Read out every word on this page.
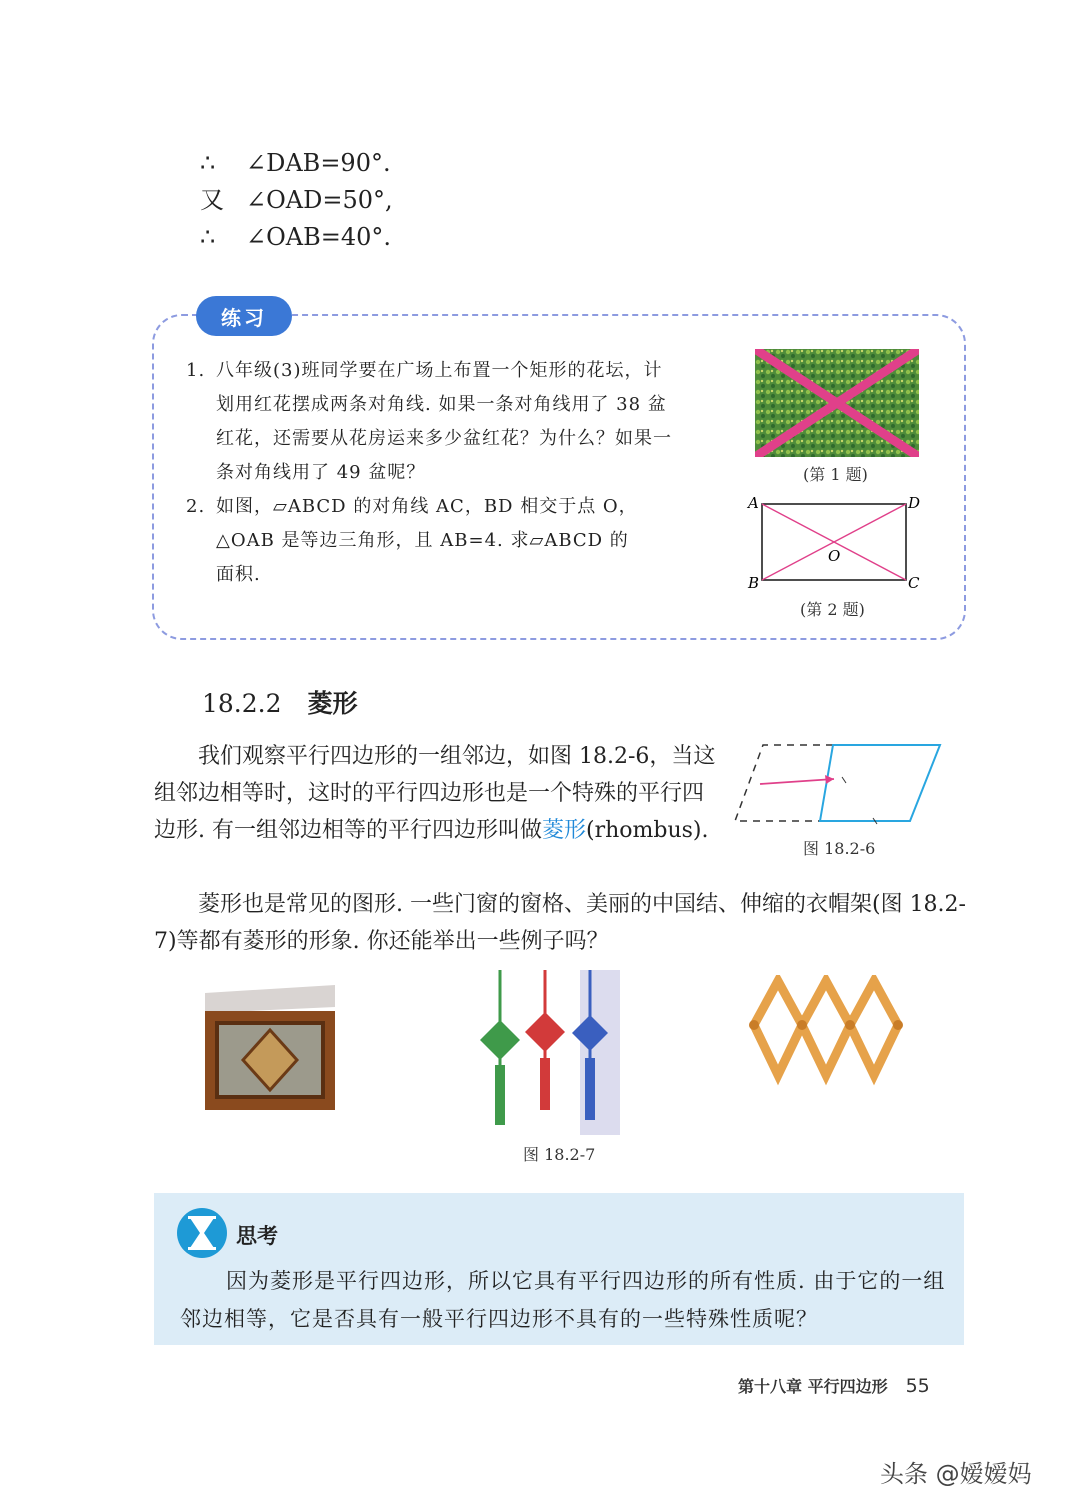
∴	∠DAB=90°.
又 ∠OAD=50°,
∴	∠OAB=40°.
练习
1. 八年级(3)班同学要在广场上布置一个矩形的花坛，计
划用红花摆成两条对角线. 如果一条对角线用了 38 盆
红花，还需要从花房运来多少盆红花？为什么？如果一
条对角线用了 49 盆呢？	(第 1 题)
2. 如图，▱ABCD 的对角线 AC，BD 相交于点 O，
△OAB 是等边三角形，且 AB=4. 求▱ABCD 的
面积.
A	D
B	C
O
(第 2 题)
18.2.2 菱形
我们观察平行四边形的一组邻边，如图 18.2-6，当这组邻边相等时，这时的平行四边形也是一个特殊的平行四边形. 有一组邻边相等的平行四边形叫做菱形(rhombus).
图 18.2-6
菱形也是常见的图形. 一些门窗的窗格、美丽的中国结、伸缩的衣帽架(图 18.2-7)等都有菱形的形象. 你还能举出一些例子吗？
图 18.2-7
思考
因为菱形是平行四边形，所以它具有平行四边形的所有性质. 由于它的一组邻边相等，它是否具有一般平行四边形不具有的一些特殊性质呢？
第十八章 平行四边形 55
头条 @嫒嫒妈
